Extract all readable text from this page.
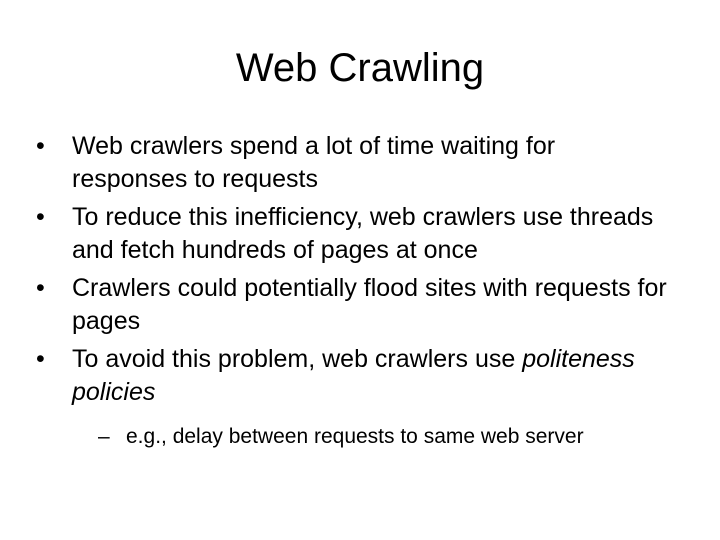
Web Crawling
•	Web crawlers spend a lot of time waiting for responses to requests
•	To reduce this inefficiency, web crawlers use threads and fetch hundreds of pages at once
•	Crawlers could potentially flood sites with requests for pages
•	To avoid this problem, web crawlers use politeness policies
– e.g., delay between requests to same web server
